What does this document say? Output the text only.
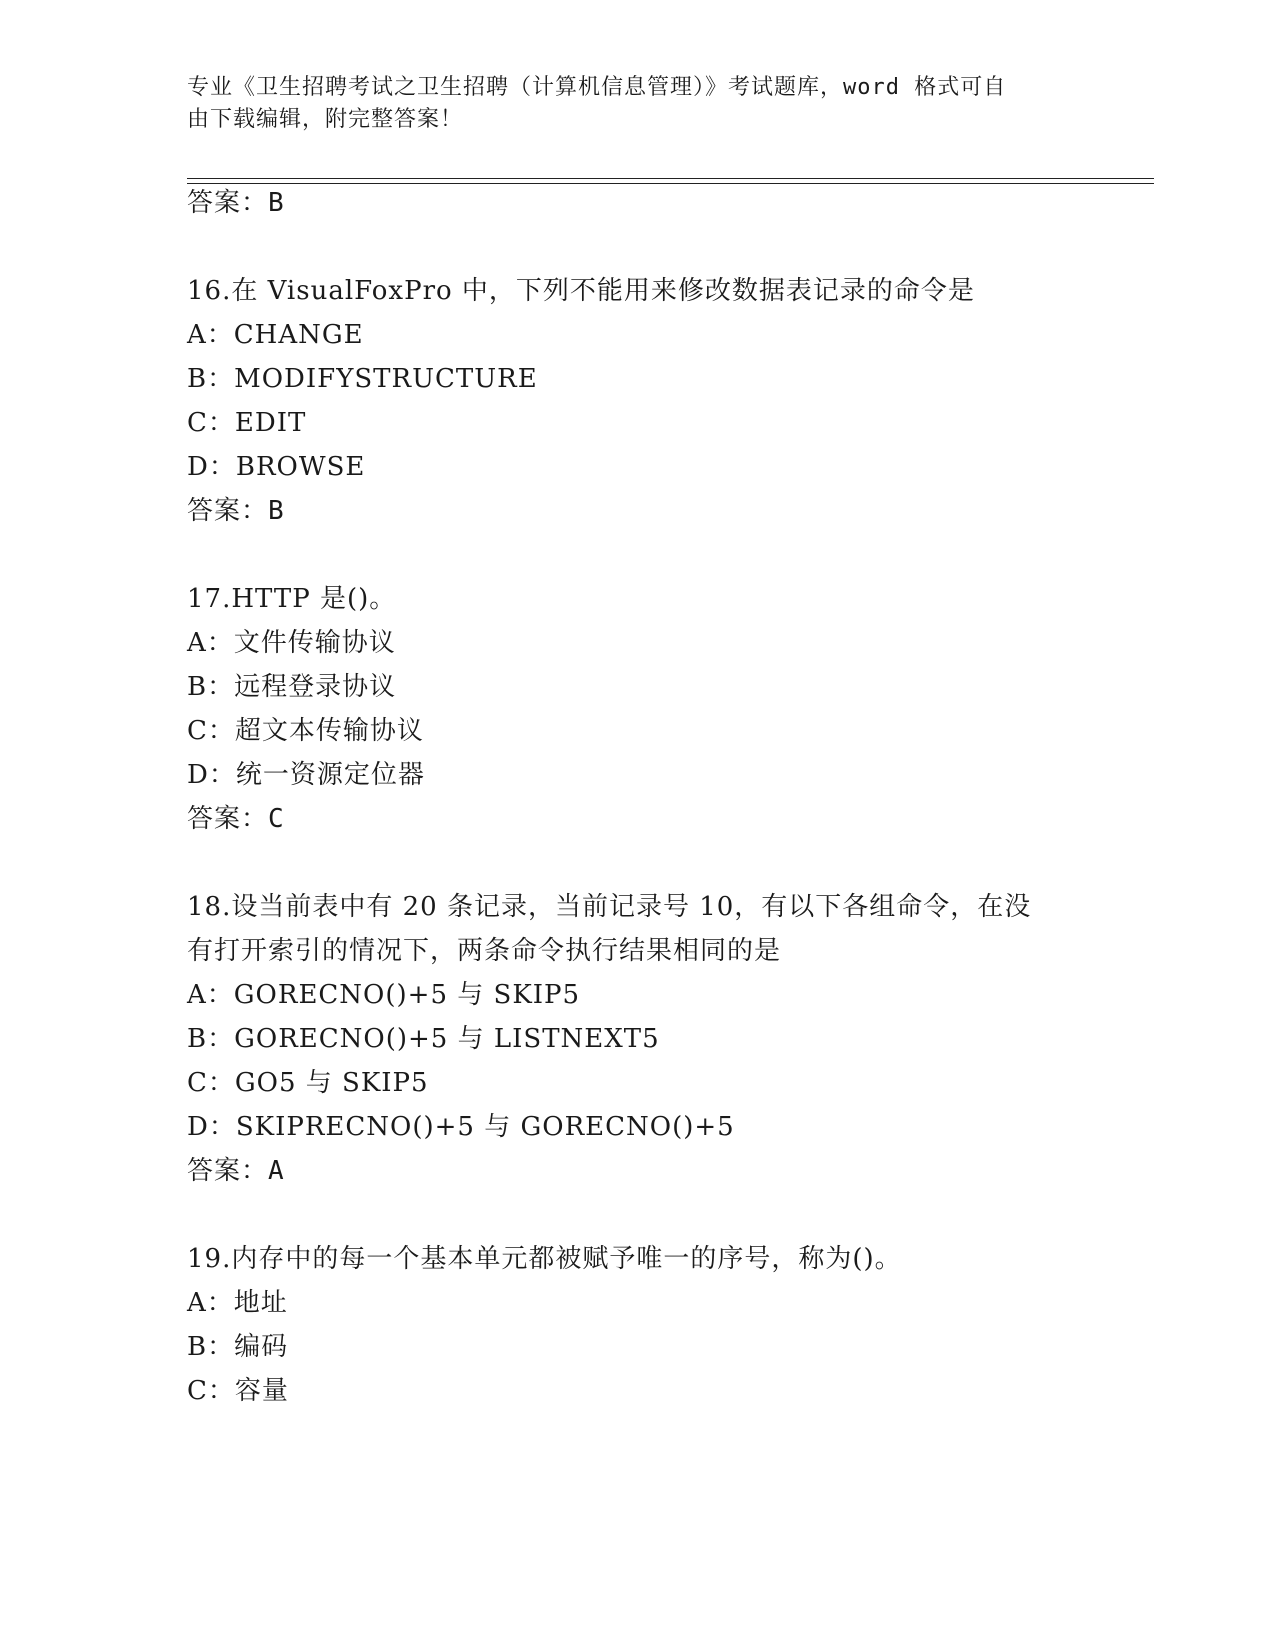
专业《卫生招聘考试之卫生招聘（计算机信息管理）》考试题库，word 格式可自
由下载编辑，附完整答案！
答案：B
16.在 VisualFoxPro 中，下列不能用来修改数据表记录的命令是
A：CHANGE
B：MODIFYSTRUCTURE
C：EDIT
D：BROWSE
答案：B
17.HTTP 是()。
A：文件传输协议
B：远程登录协议
C：超文本传输协议
D：统一资源定位器
答案：C
18.设当前表中有 20 条记录，当前记录号 10，有以下各组命令，在没
有打开索引的情况下，两条命令执行结果相同的是
A：GORECNO()+5 与 SKIP5
B：GORECNO()+5 与 LISTNEXT5
C：GO5 与 SKIP5
D：SKIPRECNO()+5 与 GORECNO()+5
答案：A
19.内存中的每一个基本单元都被赋予唯一的序号，称为()。
A：地址
B：编码
C：容量
